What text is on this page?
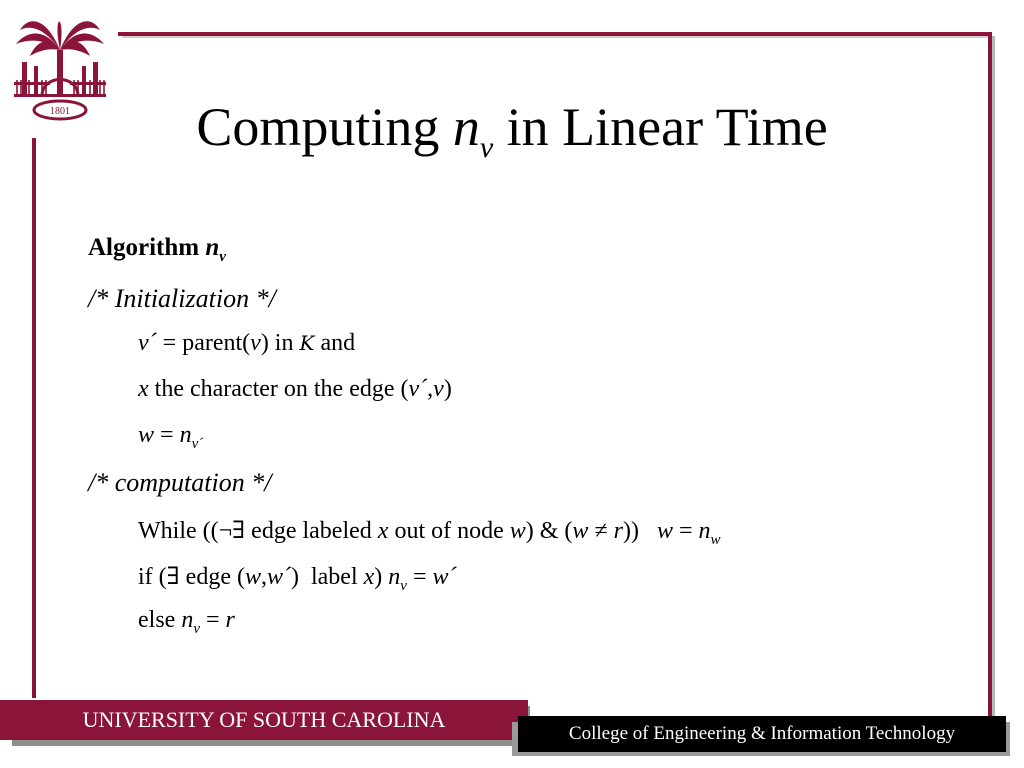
1801	Computing $n_v$ in Linear Time
Algorithm $n_v$
/* Initialization */
v´ = parent(v) in K and
x the character on the edge (v´,v)
$w = n_{v´}$
/* computation */
While ((¬∃ edge labeled x out of node w) & (w ≠ r))   $w = n_w$
if (∃ edge (w,w´)  label x) $n_v$ = w´
else $n_v = r$
UNIVERSITY OF SOUTH CAROLINA
College of Engineering & Information Technology
